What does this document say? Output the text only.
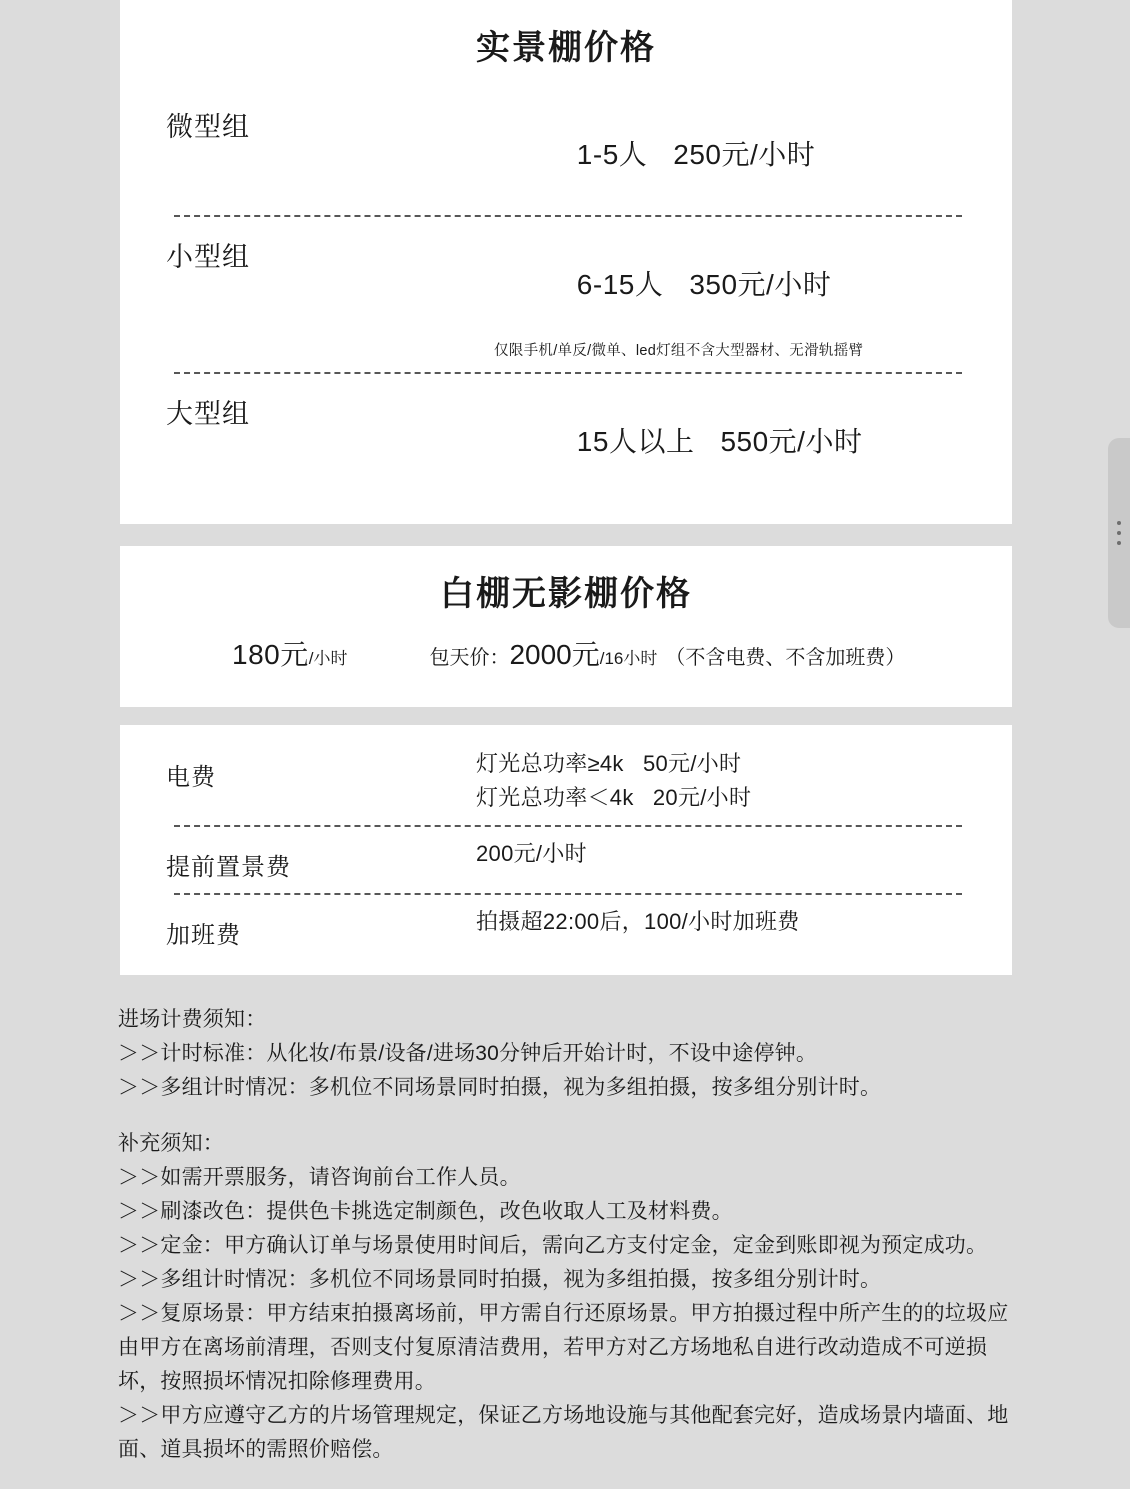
实景棚价格
微型组

1-5人 250元/小时

小型组

6-15人 350元/小时

仅限手机/单反/微单、led灯组不含大型器材、无滑轨摇臂
大型组

15人以上 550元/小时

白棚无影棚价格
180元 /小时	包天价： 2000元 /16小时 （不含电费、不含加班费）
电费
灯光总功率≥4k   50元/小时
灯光总功率＜4k   20元/小时
提前置景费
200元/小时
加班费
拍摄超22:00后，100/小时加班费
进场计费须知：
＞＞计时标准：从化妆/布景/设备/进场30分钟后开始计时，不设中途停钟。
＞＞多组计时情况：多机位不同场景同时拍摄，视为多组拍摄，按多组分别计时。
补充须知：
＞＞如需开票服务，请咨询前台工作人员。
＞＞刷漆改色：提供色卡挑选定制颜色，改色收取人工及材料费。
＞＞定金：甲方确认订单与场景使用时间后，需向乙方支付定金，定金到账即视为预定成功。
＞＞多组计时情况：多机位不同场景同时拍摄，视为多组拍摄，按多组分别计时。
＞＞复原场景：甲方结束拍摄离场前，甲方需自行还原场景。甲方拍摄过程中所产生的的垃圾应由甲方在离场前清理，否则支付复原清洁费用，若甲方对乙方场地私自进行改动造成不可逆损坏，按照损坏情况扣除修理费用。
＞＞甲方应遵守乙方的片场管理规定，保证乙方场地设施与其他配套完好，造成场景内墙面、地面、道具损坏的需照价赔偿。
